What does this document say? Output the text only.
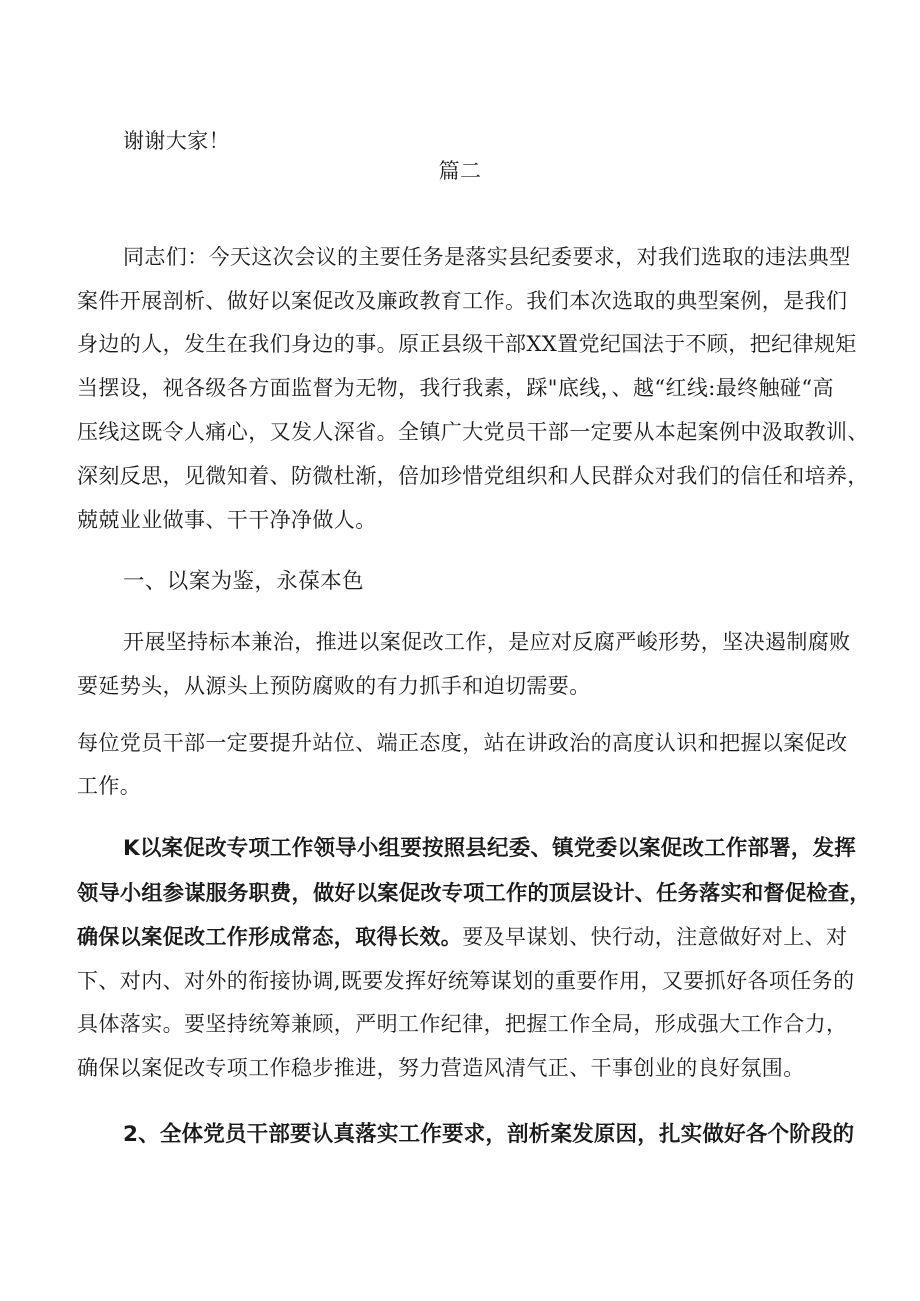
谢谢大家！
篇二
同志们：今天这次会议的主要任务是落实县纪委要求，对我们选取的违法典型
案件开展剖析、做好以案促改及廉政教育工作。我们本次选取的典型案例，是我们
身边的人，发生在我们身边的事。原正县级干部XX置党纪国法于不顾，把纪律规矩
当摆设，视各级各方面监督为无物，我行我素，踩"底线，、越“红线:最终触碰“高
压线这既令人痛心，又发人深省。全镇广大党员干部一定要从本起案例中汲取教训、
深刻反思，见微知着、防微杜渐，倍加珍惜党组织和人民群众对我们的信任和培养，
兢兢业业做事、干干净净做人。
一、以案为鉴，永葆本色
开展坚持标本兼治，推进以案促改工作，是应对反腐严峻形势，坚决遏制腐败
要延势头，从源头上预防腐败的有力抓手和迫切需要。
每位党员干部一定要提升站位、端正态度，站在讲政治的高度认识和把握以案促改
工作。
K以案促改专项工作领导小组要按照县纪委、镇党委以案促改工作部署，发挥
领导小组参谋服务职费，做好以案促改专项工作的顶层设计、任务落实和督促检查，
确保以案促改工作形成常态，取得长效。要及早谋划、快行动，注意做好对上、对
下、对内、对外的衔接协调,既要发挥好统筹谋划的重要作用，又要抓好各项任务的
具体落实。要坚持统筹兼顾，严明工作纪律，把握工作全局，形成强大工作合力，
确保以案促改专项工作稳步推进，努力营造风清气正、干事创业的良好氛围。
2、全体党员干部要认真落实工作要求，剖析案发原因，扎实做好各个阶段的
